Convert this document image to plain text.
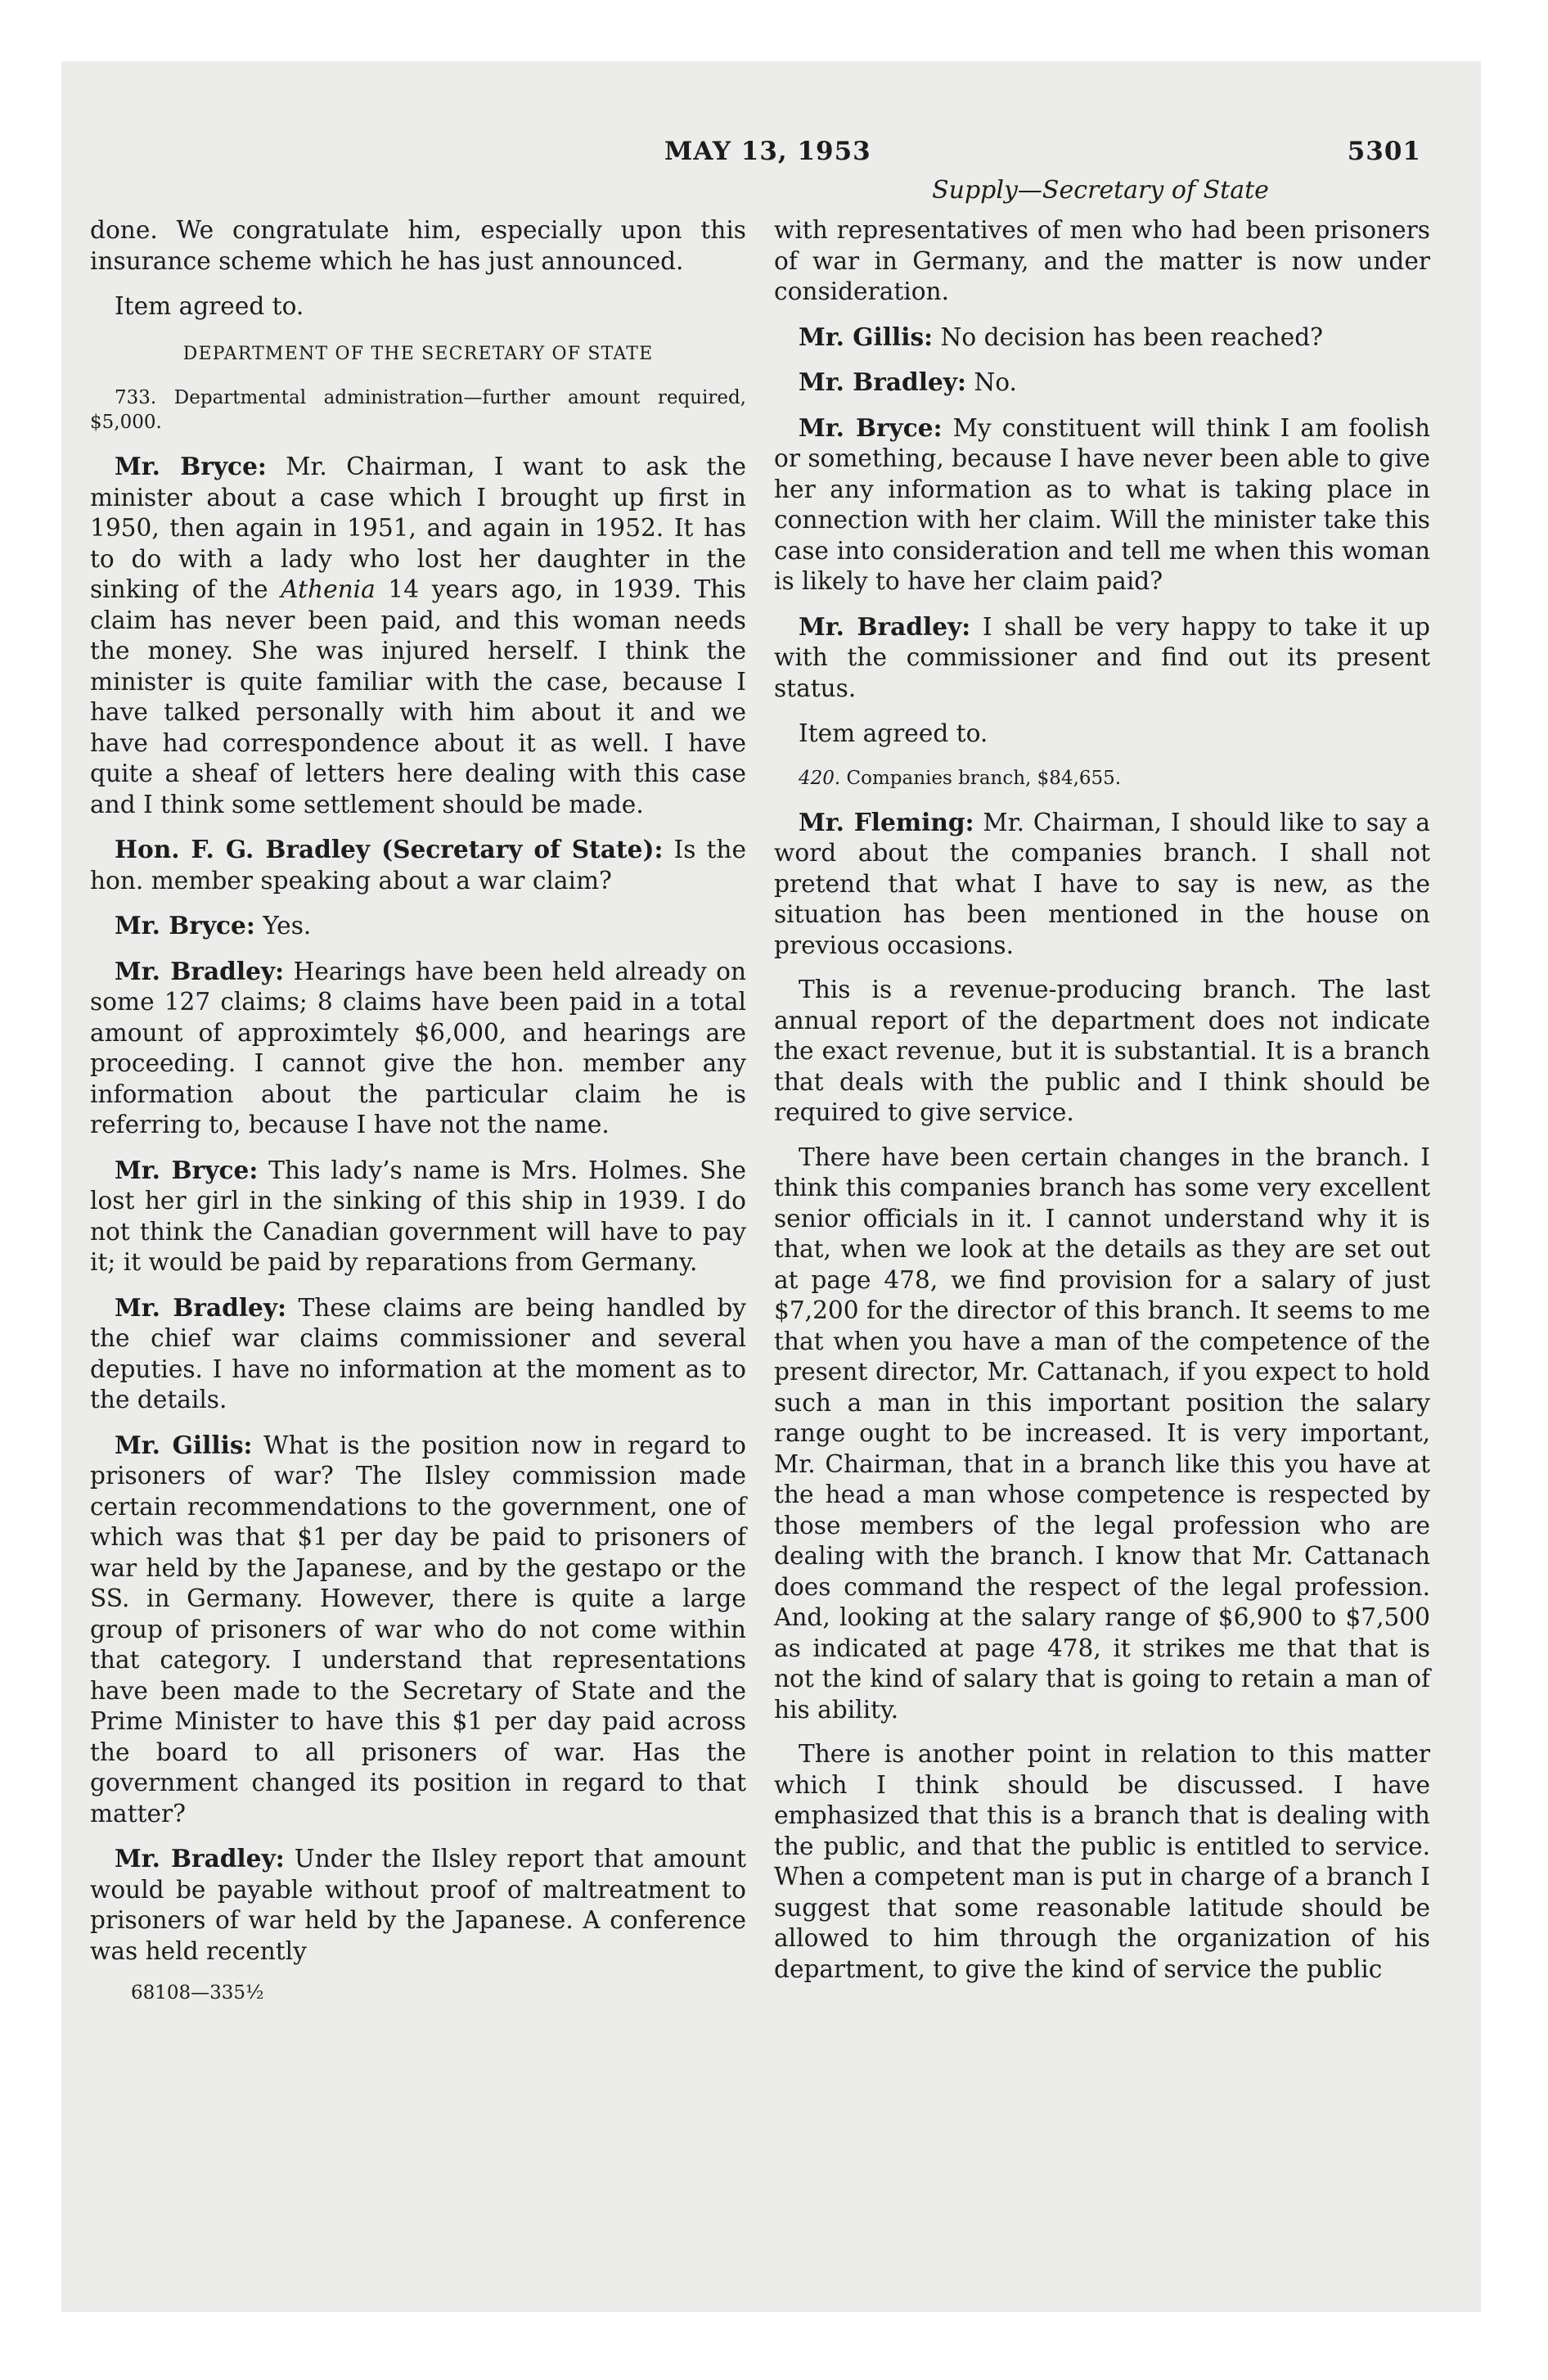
MAY 13, 1953	5301
Supply—Secretary of State

done. We congratulate him, especially upon this insurance scheme which he has just announced.

Item agreed to.

DEPARTMENT OF THE SECRETARY OF STATE

733. Departmental administration—further amount required, $5,000.

Mr. Bryce: Mr. Chairman, I want to ask the minister about a case which I brought up first in 1950, then again in 1951, and again in 1952. It has to do with a lady who lost her daughter in the sinking of the Athenia 14 years ago, in 1939. This claim has never been paid, and this woman needs the money. She was injured herself. I think the minister is quite familiar with the case, because I have talked personally with him about it and we have had correspondence about it as well. I have quite a sheaf of letters here dealing with this case and I think some settlement should be made.

Hon. F. G. Bradley (Secretary of State): Is the hon. member speaking about a war claim?

Mr. Bryce: Yes.

Mr. Bradley: Hearings have been held already on some 127 claims; 8 claims have been paid in a total amount of approximtely $6,000, and hearings are proceeding. I cannot give the hon. member any information about the particular claim he is referring to, because I have not the name.

Mr. Bryce: This lady’s name is Mrs. Holmes. She lost her girl in the sinking of this ship in 1939. I do not think the Canadian government will have to pay it; it would be paid by reparations from Germany.

Mr. Bradley: These claims are being handled by the chief war claims commissioner and several deputies. I have no information at the moment as to the details.

Mr. Gillis: What is the position now in regard to prisoners of war? The Ilsley commission made certain recommendations to the government, one of which was that $1 per day be paid to prisoners of war held by the Japanese, and by the gestapo or the SS. in Germany. However, there is quite a large group of prisoners of war who do not come within that category. I understand that representations have been made to the Secretary of State and the Prime Minister to have this $1 per day paid across the board to all prisoners of war. Has the government changed its position in regard to that matter?

Mr. Bradley: Under the Ilsley report that amount would be payable without proof of maltreatment to prisoners of war held by the Japanese. A conference was held recently

with representatives of men who had been prisoners of war in Germany, and the matter is now under consideration.

Mr. Gillis: No decision has been reached?

Mr. Bradley: No.

Mr. Bryce: My constituent will think I am foolish or something, because I have never been able to give her any information as to what is taking place in connection with her claim. Will the minister take this case into consideration and tell me when this woman is likely to have her claim paid?

Mr. Bradley: I shall be very happy to take it up with the commissioner and find out its present status.

Item agreed to.

420. Companies branch, $84,655.

Mr. Fleming: Mr. Chairman, I should like to say a word about the companies branch. I shall not pretend that what I have to say is new, as the situation has been mentioned in the house on previous occasions.

This is a revenue-producing branch. The last annual report of the department does not indicate the exact revenue, but it is substantial. It is a branch that deals with the public and I think should be required to give service.

There have been certain changes in the branch. I think this companies branch has some very excellent senior officials in it. I cannot understand why it is that, when we look at the details as they are set out at page 478, we find provision for a salary of just $7,200 for the director of this branch. It seems to me that when you have a man of the competence of the present director, Mr. Cattanach, if you expect to hold such a man in this important position the salary range ought to be increased. It is very important, Mr. Chairman, that in a branch like this you have at the head a man whose competence is respected by those members of the legal profession who are dealing with the branch. I know that Mr. Cattanach does command the respect of the legal profession. And, looking at the salary range of $6,900 to $7,500 as indicated at page 478, it strikes me that that is not the kind of salary that is going to retain a man of his ability.

There is another point in relation to this matter which I think should be discussed. I have emphasized that this is a branch that is dealing with the public, and that the public is entitled to service. When a competent man is put in charge of a branch I suggest that some reasonable latitude should be allowed to him through the organization of his department, to give the kind of service the public

68108—335½
